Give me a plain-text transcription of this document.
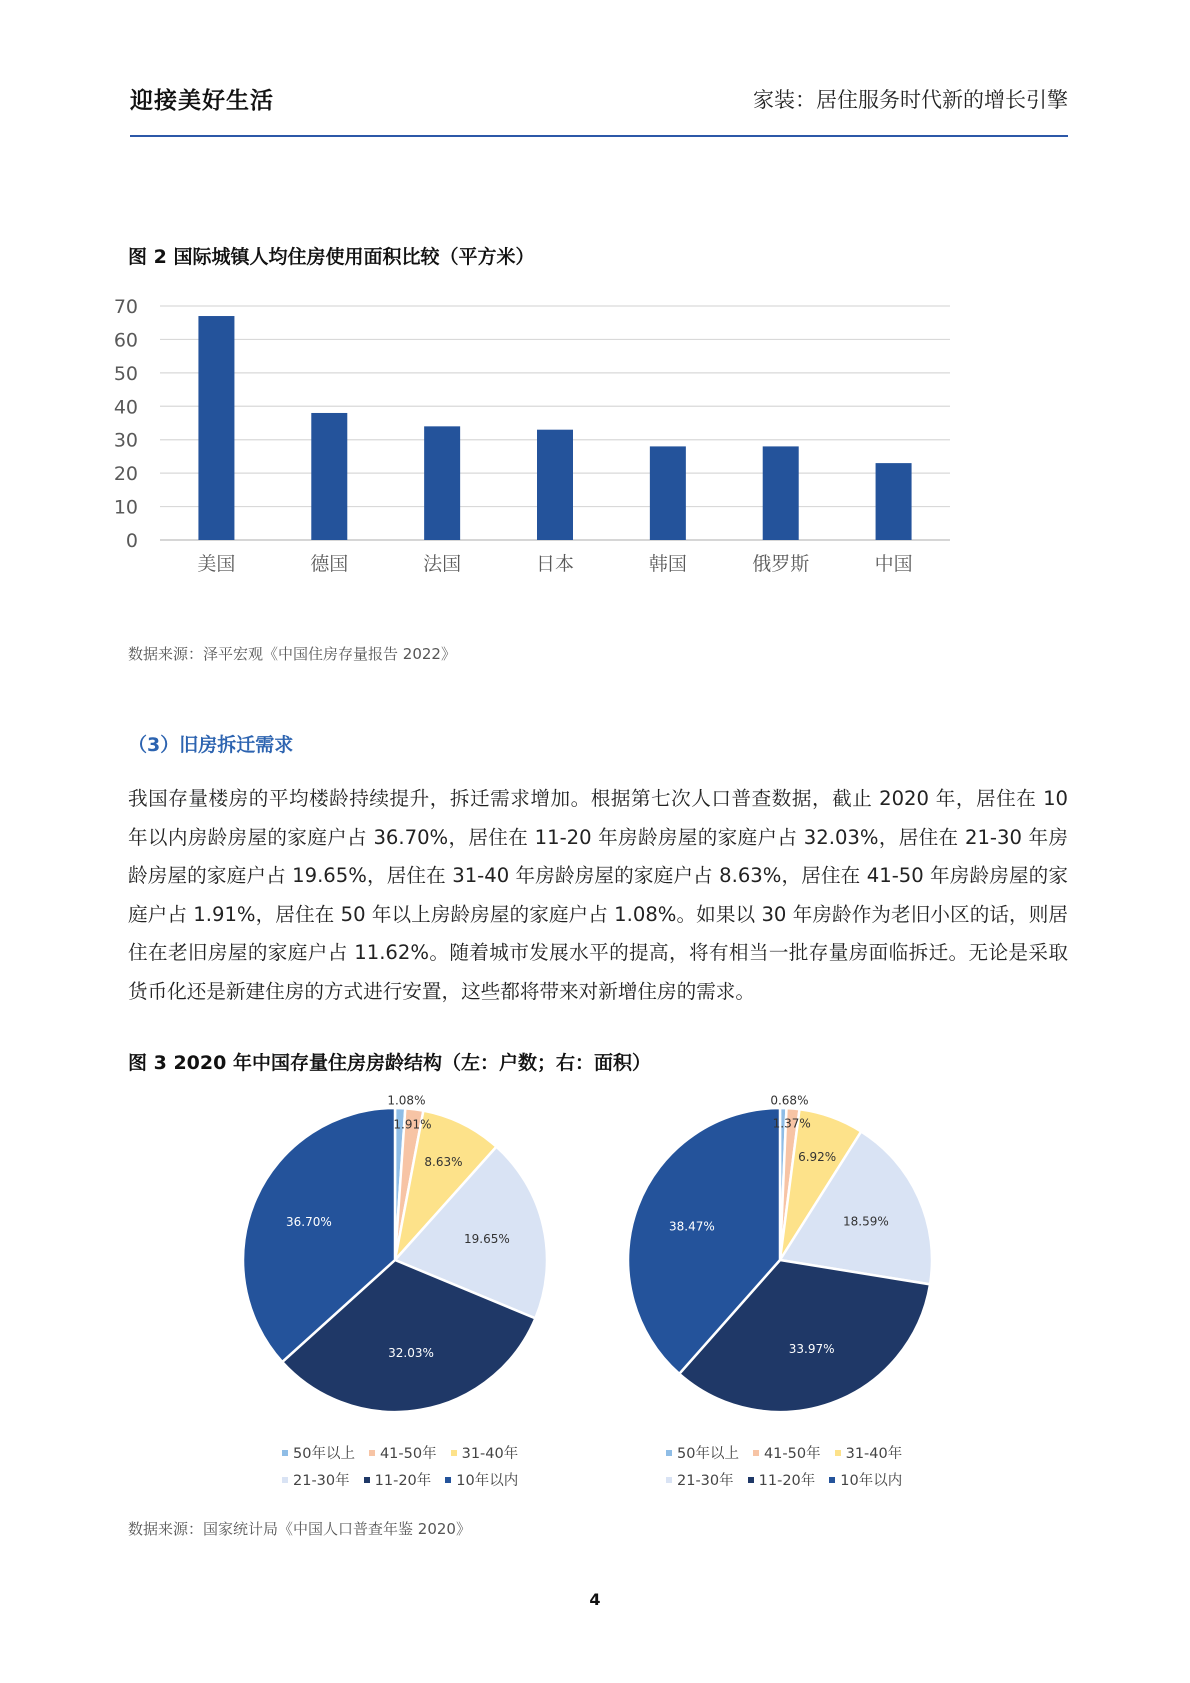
迎接美好生活	家装：居住服务时代新的增长引擎
图 2 国际城镇人均住房使用面积比较（平方米）
0
10
20
30
40
50
60
70
美国	德国	法国	日本	韩国	俄罗斯	中国
数据来源：泽平宏观《中国住房存量报告 2022》
（3）旧房拆迁需求
我国存量楼房的平均楼龄持续提升，拆迁需求增加。根据第七次人口普查数据，截止 2020 年，居住在 10 年以内房龄房屋的家庭户占 36.70%，居住在 11-20 年房龄房屋的家庭户占 32.03%，居住在 21-30 年房龄房屋的家庭户占 19.65%，居住在 31-40 年房龄房屋的家庭户占 8.63%，居住在 41-50 年房龄房屋的家庭户占 1.91%，居住在 50 年以上房龄房屋的家庭户占 1.08%。如果以 30 年房龄作为老旧小区的话，则居住在老旧房屋的家庭户占 11.62%。随着城市发展水平的提高，将有相当一批存量房面临拆迁。无论是采取货币化还是新建住房的方式进行安置，这些都将带来对新增住房的需求。
图 3 2020 年中国存量住房房龄结构（左：户数；右：面积）
1.08%
1.91%
8.63%
19.65%
32.03%
36.70%
0.68%
1.37%
6.92%
18.59%
33.97%
38.47%
50年以上 41-50年 31-40年
21-30年 11-20年 10年以内
50年以上 41-50年 31-40年
21-30年 11-20年 10年以内
数据来源：国家统计局《中国人口普查年鉴 2020》
4
